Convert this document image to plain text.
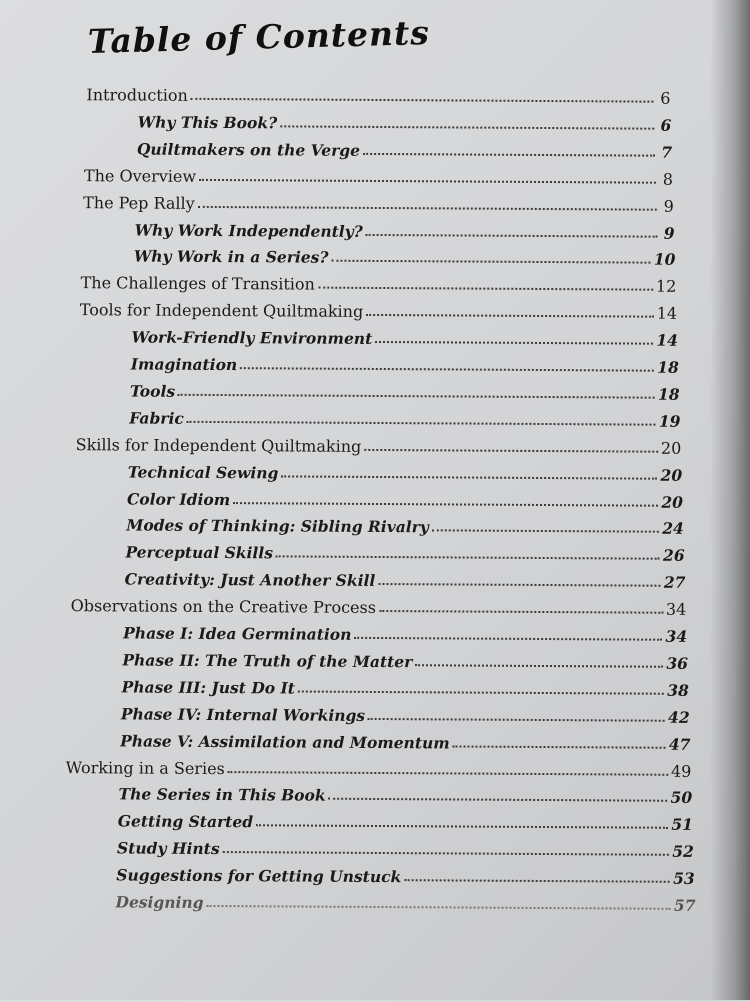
Table of Contents
Introduction	6
Why This Book?	6
Quiltmakers on the Verge	7
The Overview	8
The Pep Rally	9
Why Work Independently?	9
Why Work in a Series?	10
The Challenges of Transition	12
Tools for Independent Quiltmaking	14
Work-Friendly Environment	14
Imagination	18
Tools	18
Fabric	19
Skills for Independent Quiltmaking	20
Technical Sewing	20
Color Idiom	20
Modes of Thinking: Sibling Rivalry	24
Perceptual Skills	26
Creativity: Just Another Skill	27
Observations on the Creative Process	34
Phase I: Idea Germination	34
Phase II: The Truth of the Matter	36
Phase III: Just Do It	38
Phase IV: Internal Workings	42
Phase V: Assimilation and Momentum	47
Working in a Series	49
The Series in This Book	50
Getting Started	51
Study Hints	52
Suggestions for Getting Unstuck	53
Designing	57
